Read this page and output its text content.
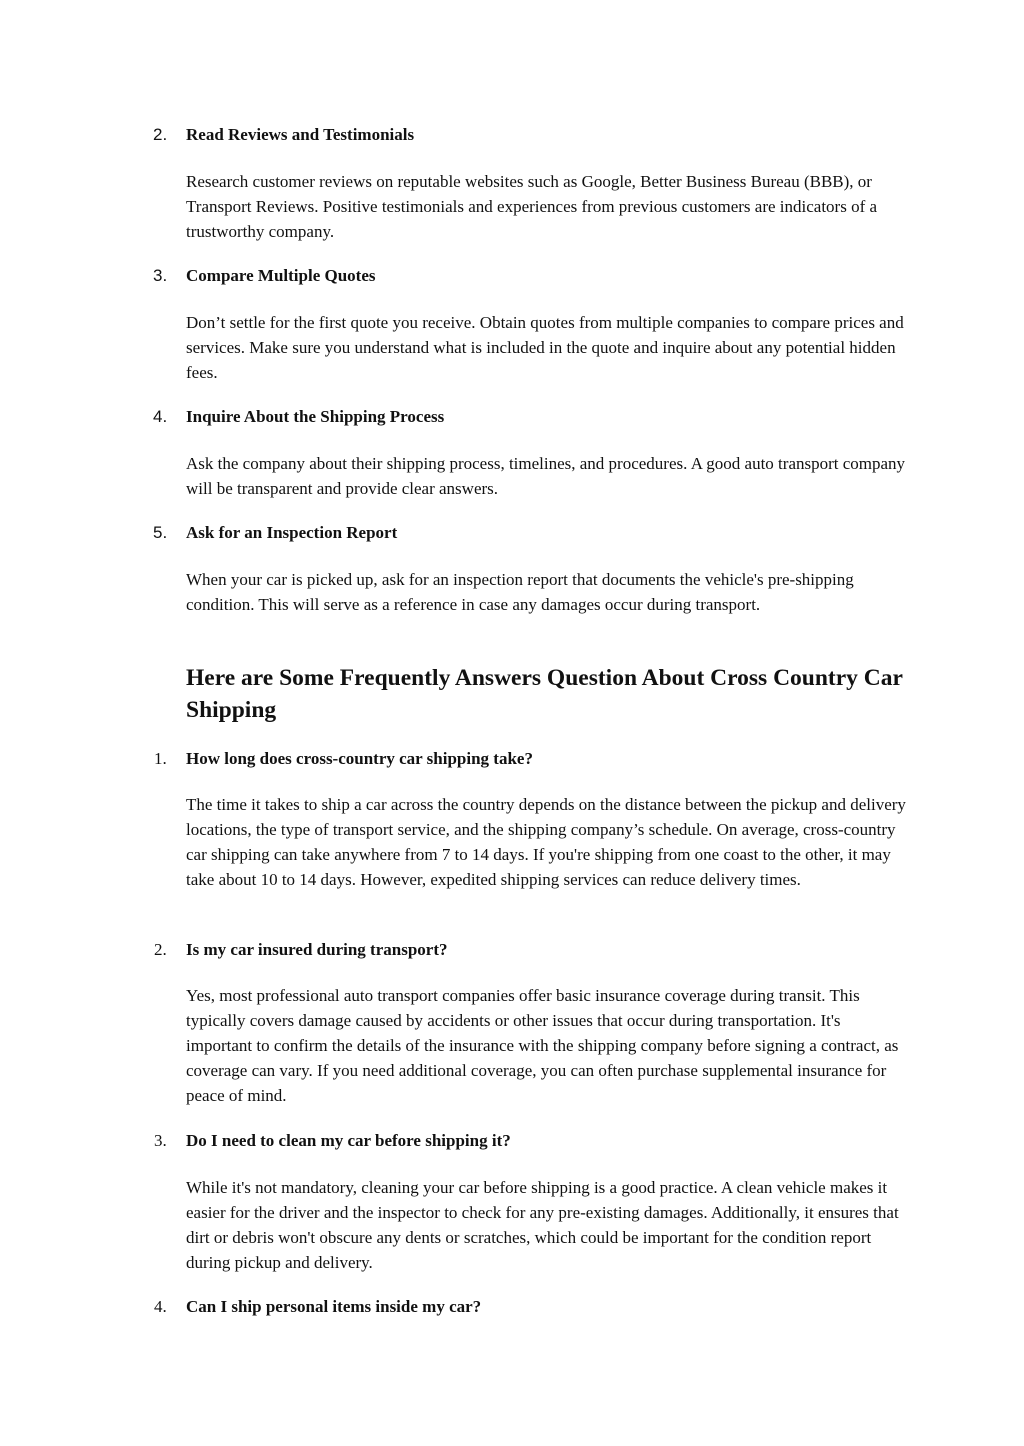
2. Read Reviews and Testimonials

Research customer reviews on reputable websites such as Google, Better Business Bureau (BBB), or Transport Reviews. Positive testimonials and experiences from previous customers are indicators of a trustworthy company.

3. Compare Multiple Quotes

Don’t settle for the first quote you receive. Obtain quotes from multiple companies to compare prices and services. Make sure you understand what is included in the quote and inquire about any potential hidden fees.

4. Inquire About the Shipping Process

Ask the company about their shipping process, timelines, and procedures. A good auto transport company will be transparent and provide clear answers.

5. Ask for an Inspection Report

When your car is picked up, ask for an inspection report that documents the vehicle's pre-shipping condition. This will serve as a reference in case any damages occur during transport.

Here are Some Frequently Answers Question About Cross Country Car Shipping
1. How long does cross-country car shipping take?

The time it takes to ship a car across the country depends on the distance between the pickup and delivery locations, the type of transport service, and the shipping company’s schedule. On average, cross-country car shipping can take anywhere from 7 to 14 days. If you're shipping from one coast to the other, it may take about 10 to 14 days. However, expedited shipping services can reduce delivery times.

2. Is my car insured during transport?

Yes, most professional auto transport companies offer basic insurance coverage during transit. This typically covers damage caused by accidents or other issues that occur during transportation. It's important to confirm the details of the insurance with the shipping company before signing a contract, as coverage can vary. If you need additional coverage, you can often purchase supplemental insurance for peace of mind.

3. Do I need to clean my car before shipping it?

While it's not mandatory, cleaning your car before shipping is a good practice. A clean vehicle makes it easier for the driver and the inspector to check for any pre-existing damages. Additionally, it ensures that dirt or debris won't obscure any dents or scratches, which could be important for the condition report during pickup and delivery.

4. Can I ship personal items inside my car?
